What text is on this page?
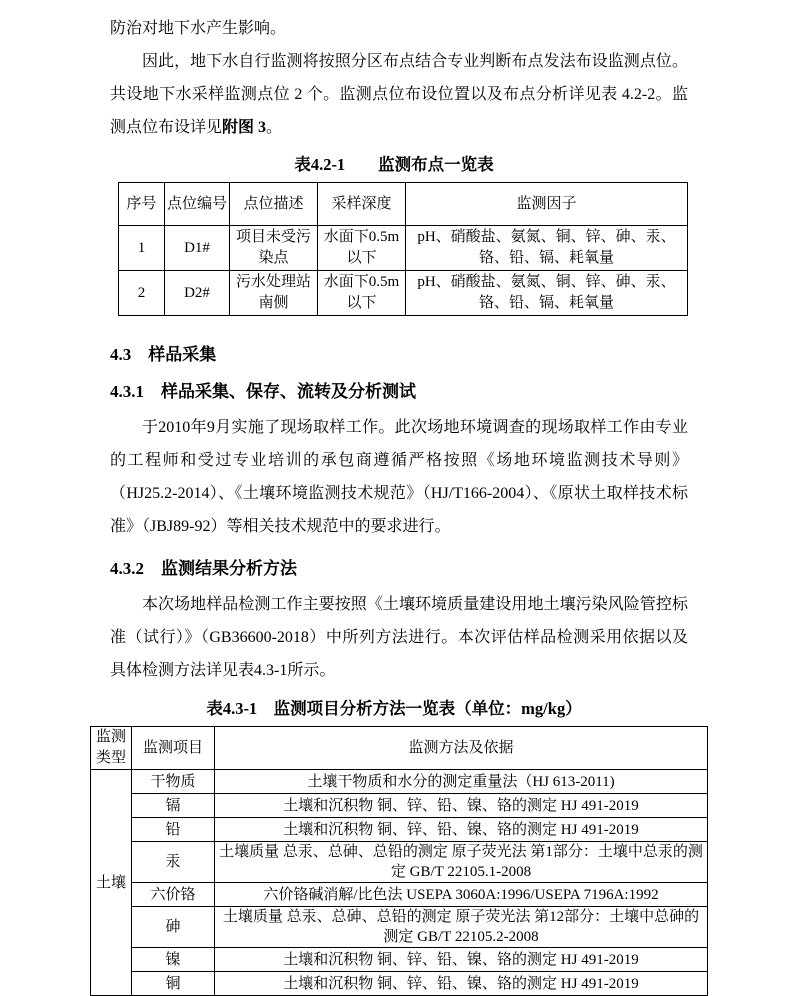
防治对地下水产生影响。

因此，地下水自行监测将按照分区布点结合专业判断布点发法布设监测点位。共设地下水采样监测点位 2 个。监测点位布设位置以及布点分析详见表 4.2-2。监测点位布设详见附图 3。

表4.2-1　　监测布点一览表

序号	点位编号	点位描述	采样深度	监测因子
1	D1#	项目未受污染点	水面下0.5m以下	pH、硝酸盐、氨氮、铜、锌、砷、汞、铬、铅、镉、耗氧量
2	D2#	污水处理站南侧	水面下0.5m以下	pH、硝酸盐、氨氮、铜、锌、砷、汞、铬、铅、镉、耗氧量
4.3　样品采集
4.3.1　样品采集、保存、流转及分析测试

于2010年9月实施了现场取样工作。此次场地环境调查的现场取样工作由专业的工程师和受过专业培训的承包商遵循严格按照《场地环境监测技术导则》（HJ25.2-2014）、《土壤环境监测技术规范》（HJ/T166-2004）、《原状土取样技术标准》（JBJ89-92）等相关技术规范中的要求进行。

4.3.2　监测结果分析方法

本次场地样品检测工作主要按照《土壤环境质量建设用地土壤污染风险管控标准（试行）》（GB36600-2018）中所列方法进行。本次评估样品检测采用依据以及具体检测方法详见表4.3-1所示。

表4.3-1　监测项目分析方法一览表（单位：mg/kg）

监测类型	监测项目	监测方法及依据
土壤	干物质	土壤干物质和水分的测定重量法（HJ 613-2011)
	镉	土壤和沉积物 铜、锌、铅、镍、铬的测定 HJ 491-2019
	铅	土壤和沉积物 铜、锌、铅、镍、铬的测定 HJ 491-2019
	汞	土壤质量 总汞、总砷、总铅的测定 原子荧光法 第1部分：土壤中总汞的测定 GB/T 22105.1-2008
	六价铬	六价铬碱消解/比色法 USEPA 3060A:1996/USEPA 7196A:1992
	砷	土壤质量 总汞、总砷、总铅的测定 原子荧光法 第12部分：土壤中总砷的测定 GB/T 22105.2-2008
	镍	土壤和沉积物 铜、锌、铅、镍、铬的测定 HJ 491-2019
	铜	土壤和沉积物 铜、锌、铅、镍、铬的测定 HJ 491-2019
